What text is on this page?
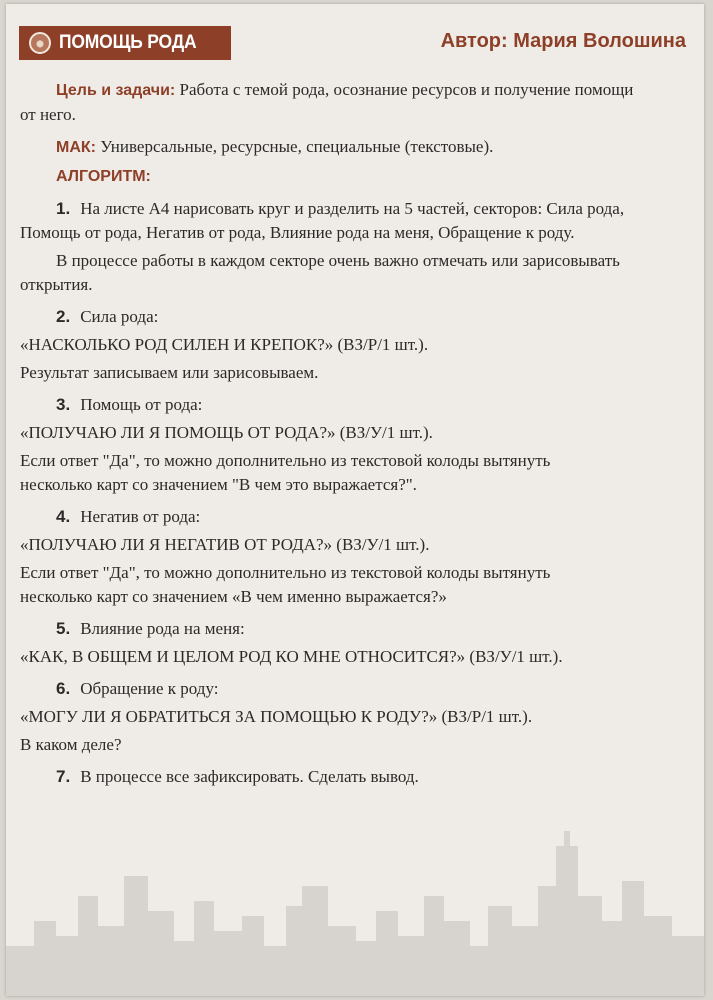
ПОМОЩЬ РОДА	Автор: Мария Волошина

Цель и задачи: Работа с темой рода, осознание ресурсов и получение помощи

от него.

МАК: Универсальные, ресурсные, специальные (текстовые).

АЛГОРИТМ:

1. На листе А4 нарисовать круг и разделить на 5 частей, секторов: Сила рода,

Помощь от рода, Негатив от рода, Влияние рода на меня, Обращение к роду.

В процессе работы в каждом секторе очень важно отмечать или зарисовывать

открытия.

2. Сила рода:

«НАСКОЛЬКО РОД СИЛЕН И КРЕПОК?» (ВЗ/Р/1 шт.).

Результат записываем или зарисовываем.

3. Помощь от рода:

«ПОЛУЧАЮ ЛИ Я ПОМОЩЬ ОТ РОДА?» (ВЗ/У/1 шт.).

Если ответ "Да", то можно дополнительно из текстовой колоды вытянуть

несколько карт со значением "В чем это выражается?".

4. Негатив от рода:

«ПОЛУЧАЮ ЛИ Я НЕГАТИВ ОТ РОДА?» (ВЗ/У/1 шт.).

Если ответ "Да", то можно дополнительно из текстовой колоды вытянуть

несколько карт со значением «В чем именно выражается?»

5. Влияние рода на меня:

«КАК, В ОБЩЕМ И ЦЕЛОМ РОД КО МНЕ ОТНОСИТСЯ?» (ВЗ/У/1 шт.).

6. Обращение к роду:

«МОГУ ЛИ Я ОБРАТИТЬСЯ ЗА ПОМОЩЬЮ К РОДУ?» (ВЗ/Р/1 шт.).

В каком деле?

7. В процессе все зафиксировать. Сделать вывод.
